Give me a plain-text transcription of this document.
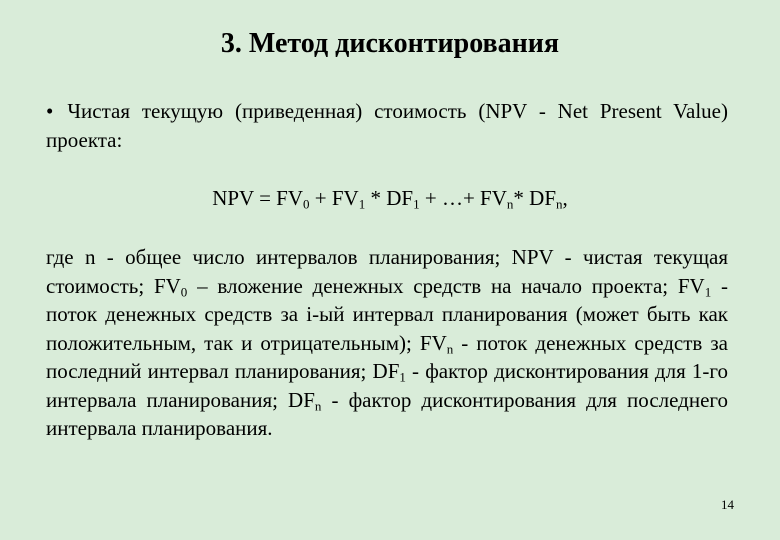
3. Метод дисконтирования
• Чистая текущую (приведенная) стоимость (NPV - Net Present Value) проекта:
NPV = $FV_0 + FV_1 * DF_1$ + …+ $FV_n*$ $DF_n$,
где n - общее число интервалов планирования; NPV - чистая текущая стоимость; $FV_0$ – вложение денежных средств на начало проекта; $FV_1$ - поток денежных средств за i-ый интервал планирования (может быть как положительным, так и отрицательным); $FV_n$ - поток денежных средств за последний интервал планирования; $DF_1$ - фактор дисконтирования для 1-го интервала планирования; $DF_n$ - фактор дисконтирования для последнего интервала планирования.
14
